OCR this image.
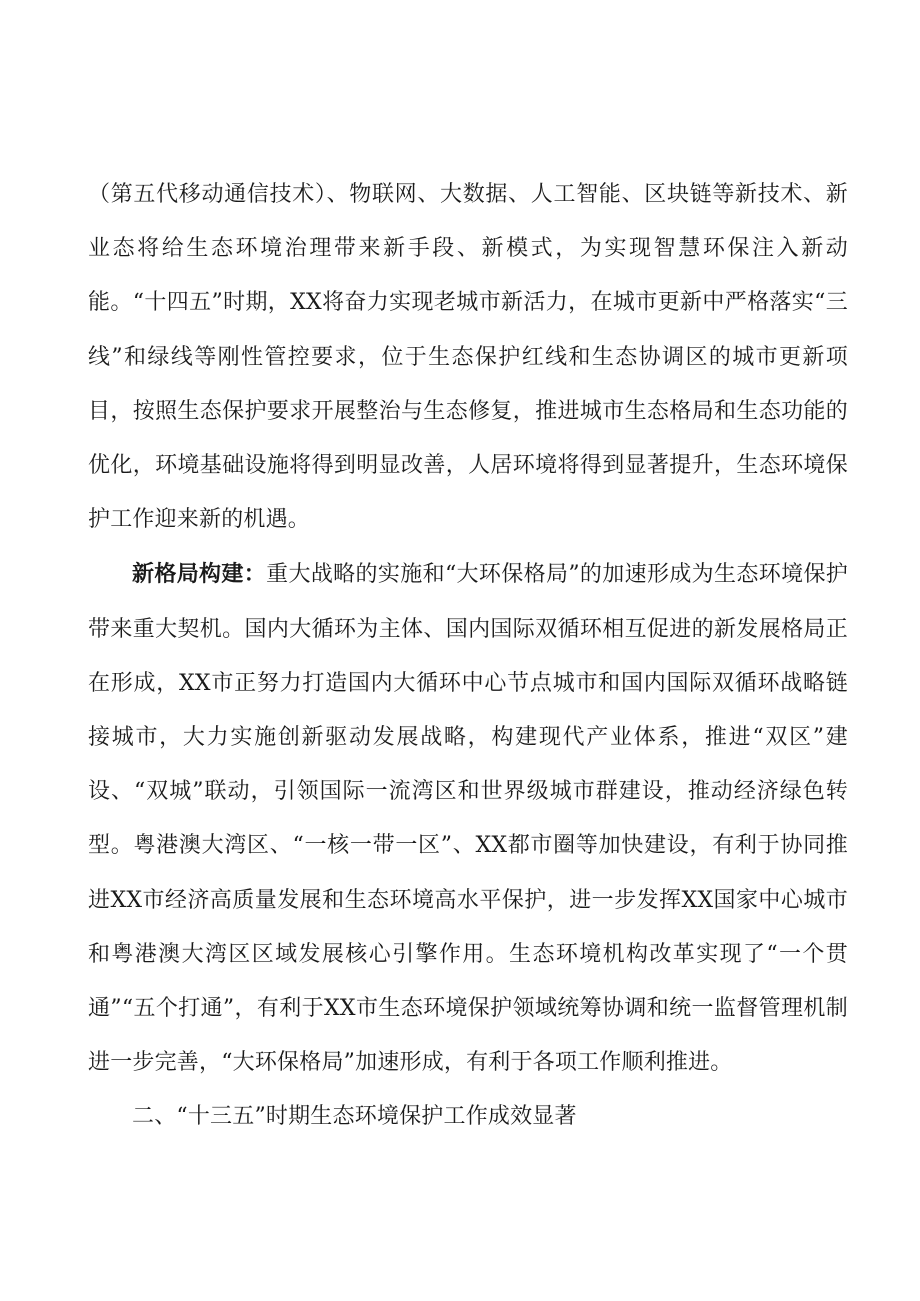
（第五代移动通信技术）、物联网、大数据、人工智能、区块链等新技术、新业态将给生态环境治理带来新手段、新模式，为实现智慧环保注入新动能。“十四五”时期，XX将奋力实现老城市新活力，在城市更新中严格落实“三线”和绿线等刚性管控要求，位于生态保护红线和生态协调区的城市更新项目，按照生态保护要求开展整治与生态修复，推进城市生态格局和生态功能的优化，环境基础设施将得到明显改善，人居环境将得到显著提升，生态环境保护工作迎来新的机遇。

新格局构建：重大战略的实施和“大环保格局”的加速形成为生态环境保护带来重大契机。国内大循环为主体、国内国际双循环相互促进的新发展格局正在形成，XX市正努力打造国内大循环中心节点城市和国内国际双循环战略链接城市，大力实施创新驱动发展战略，构建现代产业体系，推进“双区”建设、“双城”联动，引领国际一流湾区和世界级城市群建设，推动经济绿色转型。粤港澳大湾区、“一核一带一区”、XX都市圈等加快建设，有利于协同推进XX市经济高质量发展和生态环境高水平保护，进一步发挥XX国家中心城市和粤港澳大湾区区域发展核心引擎作用。生态环境机构改革实现了“一个贯通”“五个打通”，有利于XX市生态环境保护领域统筹协调和统一监督管理机制进一步完善，“大环保格局”加速形成，有利于各项工作顺利推进。

二、“十三五”时期生态环境保护工作成效显著
